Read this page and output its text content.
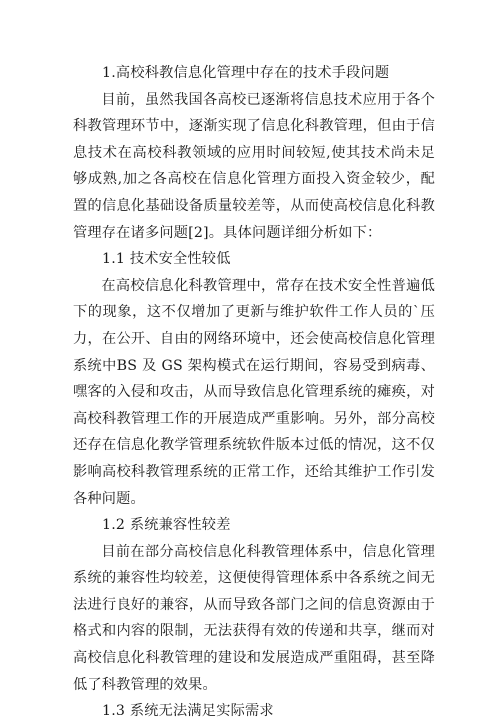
1.高校科教信息化管理中存在的技术手段问题

目前，虽然我国各高校已逐渐将信息技术应用于各个科教管理环节中，逐渐实现了信息化科教管理，但由于信息技术在高校科教领域的应用时间较短,使其技术尚未足够成熟,加之各高校在信息化管理方面投入资金较少，配置的信息化基础设备质量较差等，从而使高校信息化科教管理存在诸多问题[2]。具体问题详细分析如下：

1.1 技术安全性较低

在高校信息化科教管理中，常存在技术安全性普遍低下的现象，这不仅增加了更新与维护软件工作人员的`压力，在公开、自由的网络环境中，还会使高校信息化管理系统中BS 及 GS 架构模式在运行期间，容易受到病毒、嘿客的入侵和攻击，从而导致信息化管理系统的瘫痪，对高校科教管理工作的开展造成严重影响。另外，部分高校还存在信息化教学管理系统软件版本过低的情况，这不仅影响高校科教管理系统的正常工作，还给其维护工作引发各种问题。

1.2 系统兼容性较差

目前在部分高校信息化科教管理体系中，信息化管理系统的兼容性均较差，这便使得管理体系中各系统之间无法进行良好的兼容，从而导致各部门之间的信息资源由于格式和内容的限制，无法获得有效的传递和共享，继而对高校信息化科教管理的建设和发展造成严重阻碍，甚至降低了科教管理的效果。

1.3 系统无法满足实际需求
